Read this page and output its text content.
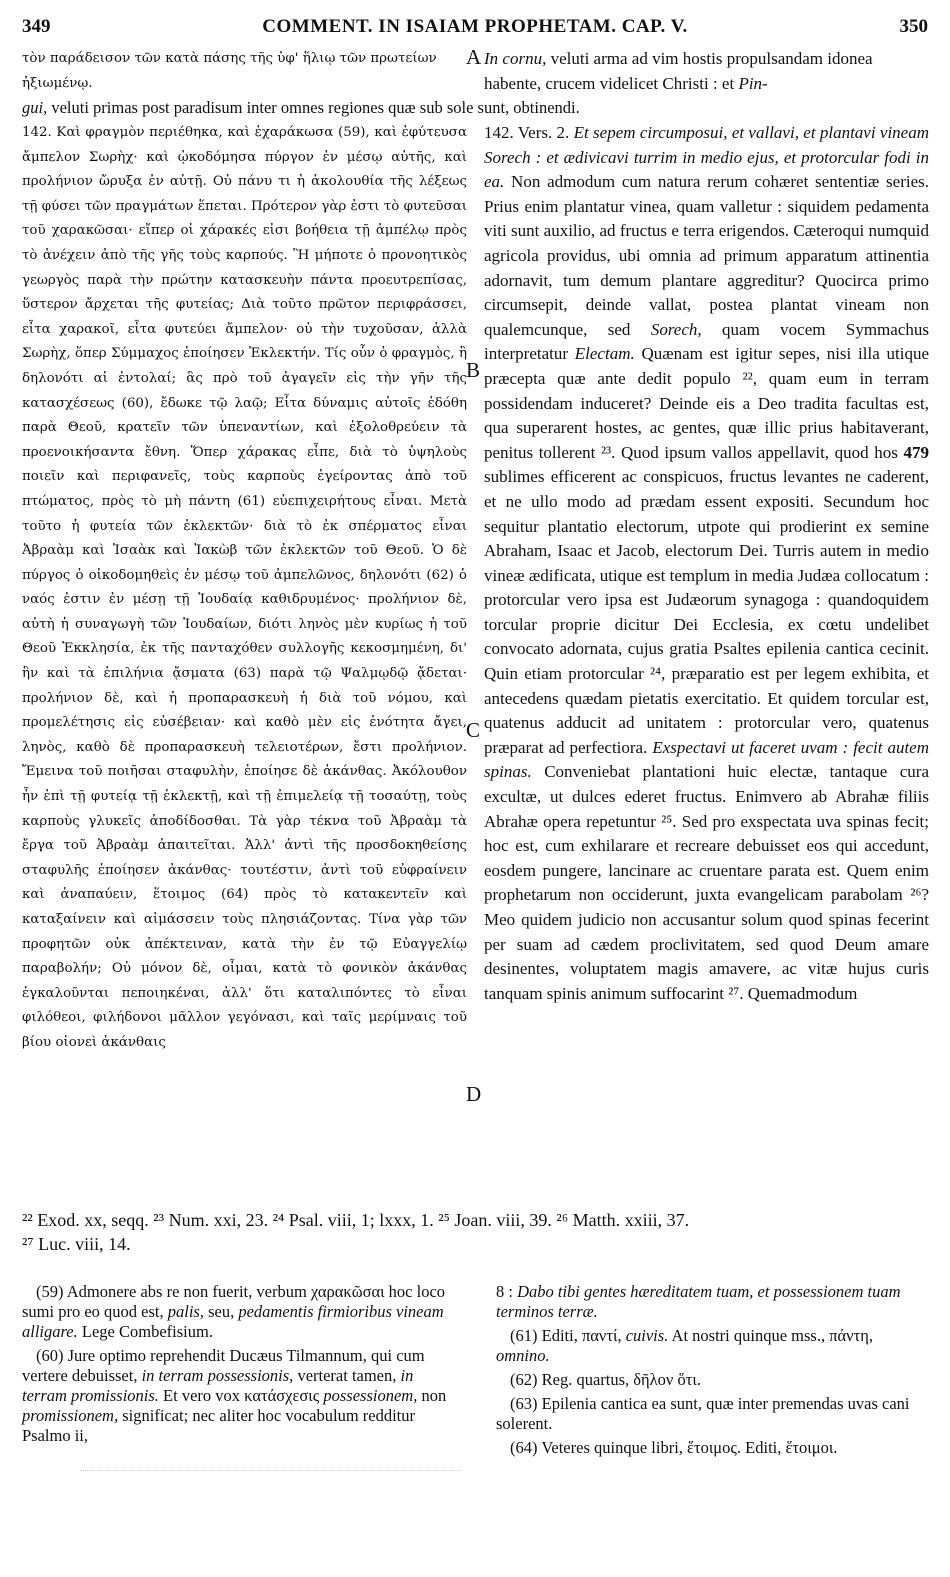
349	COMMENT. IN ISAIAM PROPHETAM. CAP. V.	350

τὸν παράδεισον τῶν κατὰ πάσης τῆς ὑφ' ἥλιῳ τῶν πρωτείων ἠξιωμένῳ.

In cornu, veluti arma ad vim hostis propulsandam idonea habente, crucem videlicet Christi : et Pin-

gui, veluti primas post paradisum inter omnes regiones quæ sub sole sunt, obtinendi.

142. Καὶ φραγμὸν περιέθηκα, καὶ ἐχαράκωσα (59), καὶ ἐφύτευσα ἄμπελον Σωρὴχ· καὶ ᾠκοδόμησα πύργον ἐν μέσῳ αὐτῆς, καὶ προλήνιον ὤρυξα ἐν αὐτῇ. Οὐ πάνυ τι ἡ ἀκολουθία τῆς λέξεως τῇ φύσει τῶν πραγμάτων ἕπεται. Πρότερον γὰρ ἐστι τὸ φυτεῦσαι τοῦ χαρακῶσαι· εἴπερ οἱ χάρακές εἰσι βοήθεια τῇ ἀμπέλῳ πρὸς τὸ ἀνέχειν ἀπὸ τῆς γῆς τοὺς καρπούς. Ἢ μήποτε ὁ προνοητικὸς γεωργὸς παρὰ τὴν πρώτην κατασκευὴν πάντα προευτρεπίσας, ὕστερον ἄρχεται τῆς φυτείας; Διὰ τοῦτο πρῶτον περιφράσσει, εἶτα χαρακοῖ, εἶτα φυτεύει ἄμπελον· οὐ τὴν τυχοῦσαν, ἀλλὰ Σωρὴχ, ὅπερ Σύμμαχος ἐποίησεν Ἐκλεκτήν. Τίς οὖν ὁ φραγμὸς, ἢ δηλονότι αἱ ἐντολαί; ἃς πρὸ τοῦ ἀγαγεῖν εἰς τὴν γῆν τῆς κατασχέσεως (60), ἔδωκε τῷ λαῷ; Εἶτα δύναμις αὐτοῖς ἐδόθη παρὰ Θεοῦ, κρατεῖν τῶν ὑπεναντίων, καὶ ἐξολοθρεύειν τὰ προενοικήσαντα ἔθνη. Ὅπερ χάρακας εἶπε, διὰ τὸ ὑψηλοὺς ποιεῖν καὶ περιφανεῖς, τοὺς καρποὺς ἐγείροντας ἀπὸ τοῦ πτώματος, πρὸς τὸ μὴ πάντη (61) εὐεπιχειρήτους εἶναι. Μετὰ τοῦτο ἡ φυτεία τῶν ἐκλεκτῶν· διὰ τὸ ἐκ σπέρματος εἶναι Ἀβραὰμ καὶ Ἰσαὰκ καὶ Ἰακὼβ τῶν ἐκλεκτῶν τοῦ Θεοῦ. Ὁ δὲ πύργος ὁ οἰκοδομηθεὶς ἐν μέσῳ τοῦ ἀμπελῶνος, δηλονότι (62) ὁ ναός ἐστιν ἐν μέσῃ τῇ Ἰουδαίᾳ καθιδρυμένος· προλήνιον δὲ, αὐτὴ ἡ συναγωγὴ τῶν Ἰουδαίων, διότι ληνὸς μὲν κυρίως ἡ τοῦ Θεοῦ Ἐκκλησία, ἐκ τῆς πανταχόθεν συλλογῆς κεκοσμημένη, δι' ἣν καὶ τὰ ἐπιλήνια ᾄσματα (63) παρὰ τῷ Ψαλμῳδῷ ᾄδεται· προλήνιον δὲ, καὶ ἡ προπαρασκευὴ ἡ διὰ τοῦ νόμου, καὶ προμελέτησις εἰς εὐσέβειαν· καὶ καθὸ μὲν εἰς ἑνότητα ἄγει, ληνὸς, καθὸ δὲ προπαρασκευὴ τελειοτέρων, ἔστι προλήνιον. Ἔμεινα τοῦ ποιῆσαι σταφυλὴν, ἐποίησε δὲ ἀκάνθας. Ἀκόλουθον ἦν ἐπὶ τῇ φυτείᾳ τῇ ἐκλεκτῇ, καὶ τῇ ἐπιμελείᾳ τῇ τοσαύτῃ, τοὺς καρποὺς γλυκεῖς ἀποδίδοσθαι. Τὰ γὰρ τέκνα τοῦ Ἀβραὰμ τὰ ἔργα τοῦ Ἀβραὰμ ἀπαιτεῖται. Ἀλλ' ἀντὶ τῆς προσδοκηθείσης σταφυλῆς ἐποίησεν ἀκάνθας· τουτέστιν, ἀντὶ τοῦ εὐφραίνειν καὶ ἀναπαύειν, ἕτοιμος (64) πρὸς τὸ κατακεντεῖν καὶ καταξαίνειν καὶ αἱμάσσειν τοὺς πλησιάζοντας. Τίνα γὰρ τῶν προφητῶν οὐκ ἀπέκτειναν, κατὰ τὴν ἐν τῷ Εὐαγγελίῳ παραβολήν; Οὐ μόνον δὲ, οἶμαι, κατὰ τὸ φονικὸν ἀκάνθας ἐγκαλοῦνται πεποιηκέναι, ἀλλ' ὅτι καταλιπόντες τὸ εἶναι φιλόθεοι, φιλήδονοι μᾶλλον γεγόνασι, καὶ ταῖς μερίμναις τοῦ βίου οἱονεὶ ἀκάνθαις

142. Vers. 2. Et sepem circumposui, et vallavi, et plantavi vineam Sorech : et ædivicavi turrim in medio ejus, et protorcular fodi in ea. Non admodum cum natura rerum cohæret sententiæ series. Prius enim plantatur vinea, quam valletur : siquidem pedamenta viti sunt auxilio, ad fructus e terra erigendos. Cæteroqui numquid agricola providus, ubi omnia ad primum apparatum attinentia adornavit, tum demum plantare aggreditur? Quocirca primo circumsepit, deinde vallat, postea plantat vineam non qualemcunque, sed Sorech, quam vocem Symmachus interpretatur Electam. Quænam est igitur sepes, nisi illa utique præcepta quæ ante dedit populo ²², quam eum in terram possidendam induceret? Deinde eis a Deo tradita facultas est, qua superarent hostes, ac gentes, quæ illic prius habitaverant, penitus tollerent ²³. Quod ipsum vallos appellavit, quod hos 479 sublimes efficerent ac conspicuos, fructus levantes ne caderent, et ne ullo modo ad prædam essent expositi. Secundum hoc sequitur plantatio electorum, utpote qui prodierint ex semine Abraham, Isaac et Jacob, electorum Dei. Turris autem in medio vineæ ædificata, utique est templum in media Judæa collocatum : protorcular vero ipsa est Judæorum synagoga : quandoquidem torcular proprie dicitur Dei Ecclesia, ex cœtu undelibet convocato adornata, cujus gratia Psaltes epilenia cantica cecinit. Quin etiam protorcular ²⁴, præparatio est per legem exhibita, et antecedens quædam pietatis exercitatio. Et quidem torcular est, quatenus adducit ad unitatem : protorcular vero, quatenus præparat ad perfectiora. Exspectavi ut faceret uvam : fecit autem spinas. Conveniebat plantationi huic electæ, tantaque cura excultæ, ut dulces ederet fructus. Enimvero ab Abrahæ filiis Abrahæ opera repetuntur ²⁵. Sed pro exspectata uva spinas fecit; hoc est, cum exhilarare et recreare debuisset eos qui accedunt, eosdem pungere, lancinare ac cruentare parata est. Quem enim prophetarum non occiderunt, juxta evangelicam parabolam ²⁶? Meo quidem judicio non accusantur solum quod spinas fecerint per suam ad cædem proclivitatem, sed quod Deum amare desinentes, voluptatem magis amavere, ac vitæ hujus curis tanquam spinis animum suffocarint ²⁷. Quemadmodum

A
B
C
D
²² Exod. xx, seqq. ²³ Num. xxi, 23. ²⁴ Psal. viii, 1; lxxx, 1. ²⁵ Joan. viii, 39. ²⁶ Matth. xxiii, 37.
²⁷ Luc. viii, 14.

(59) Admonere abs re non fuerit, verbum χαρακῶσαι hoc loco sumi pro eo quod est, palis, seu, pedamentis firmioribus vineam alligare. Lege Combefisium.

(60) Jure optimo reprehendit Ducæus Tilmannum, qui cum vertere debuisset, in terram possessionis, verterat tamen, in terram promissionis. Et vero vox κατάσχεσις possessionem, non promissionem, significat; nec aliter hoc vocabulum redditur Psalmo ii,

8 : Dabo tibi gentes hæreditatem tuam, et possessionem tuam terminos terræ.

(61) Editi, παντί, cuivis. At nostri quinque mss., πάντη, omnino.

(62) Reg. quartus, δῆλον ὅτι.

(63) Epilenia cantica ea sunt, quæ inter premendas uvas cani solerent.

(64) Veteres quinque libri, ἕτοιμος. Editi, ἕτοιμοι.
